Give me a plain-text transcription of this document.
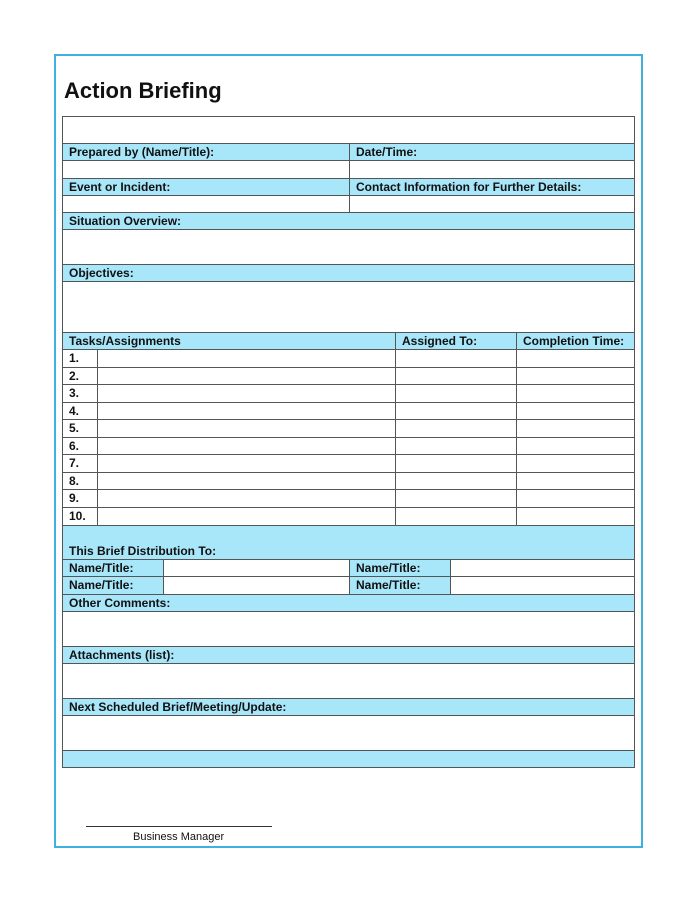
Action Briefing
Prepared by (Name/Title):	Date/Time:
Event or Incident:	Contact Information for Further Details:
Situation Overview:
Objectives:
Tasks/Assignments	Assigned To:	Completion Time:
1.
2.
3.
4.
5.
6.
7.
8.
9.
10.
This Brief Distribution To:
Name/Title:	Name/Title:
Name/Title:	Name/Title:
Other Comments:
Attachments (list):
Next Scheduled Brief/Meeting/Update:
Business Manager
